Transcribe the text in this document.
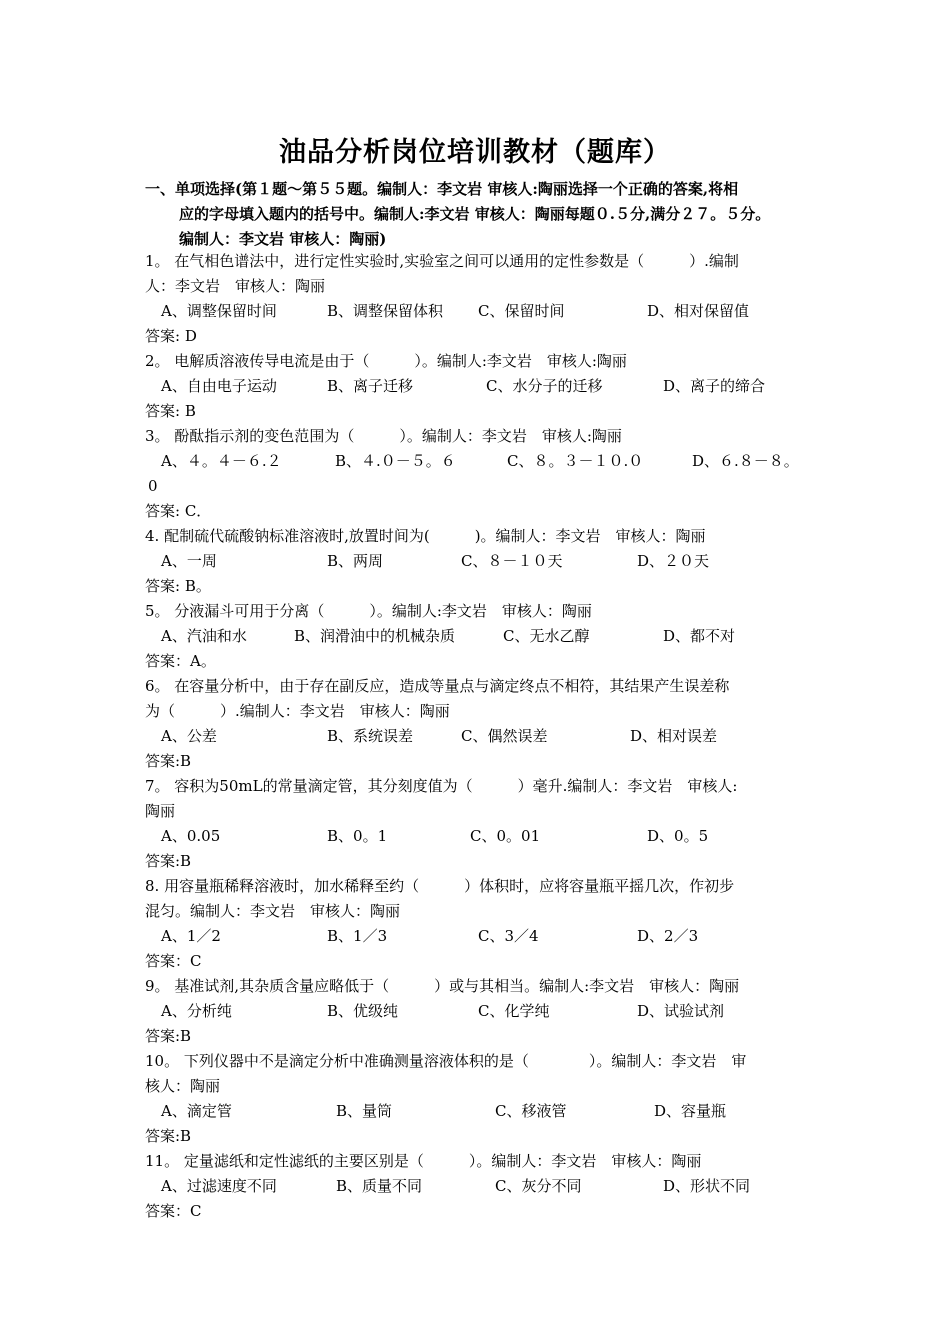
油品分析岗位培训教材（题库）
一、单项选择(第１题～第５５题。编制人：李文岩 审核人:陶丽选择一个正确的答案,将相
应的字母填入题内的括号中。编制人:李文岩 审核人：陶丽每题０.５分,满分２７。５分。
编制人：李文岩 审核人：陶丽)
1。 在气相色谱法中，进行定性实验时,实验室之间可以通用的定性参数是（　　　）.编制
人：李文岩　审核人：陶丽
A、调整保留时间	B、调整保留体积 C、保留时间	D、相对保留值
答案: D
2。 电解质溶液传导电流是由于（　　　）。编制人:李文岩　审核人:陶丽
A、自由电子运动	B、离子迁移	C、水分子的迁移	D、离子的缔合
答案: B
3。 酚酞指示剂的变色范围为（　　　）。编制人：李文岩　审核人:陶丽
A、４。４－６.２	B、４.０－５。６	C、８。３－１０.０	D、６.８－８。
0
答案: C．
4. 配制硫代硫酸钠标准溶液时,放置时间为(　　　)。编制人：李文岩　审核人：陶丽
A、一周	B、两周	C、８－１０天	D、２０天
答案: B。
5。 分液漏斗可用于分离（　　　）。编制人:李文岩　审核人：陶丽
A、汽油和水	B、润滑油中的机械杂质	C、无水乙醇	D、都不对
答案：A。
6。 在容量分析中，由于存在副反应，造成等量点与滴定终点不相符，其结果产生误差称
为（　　　）.编制人：李文岩　审核人：陶丽
A、公差	B、系统误差	C、偶然误差	D、相对误差
答案:B
7。 容积为50mL的常量滴定管，其分刻度值为（　　　）毫升.编制人：李文岩　审核人:
陶丽
A、0.05	B、0。1	C、0。01	D、0。5
答案:B
8. 用容量瓶稀释溶液时，加水稀释至约（　　　）体积时，应将容量瓶平摇几次，作初步
混匀。编制人：李文岩　审核人：陶丽
A、1／2	B、1／3	C、3／4	D、2／3
答案：C
9。 基准试剂,其杂质含量应略低于（　　　）或与其相当。编制人:李文岩　审核人：陶丽
A、分析纯	B、优级纯	C、化学纯	D、试验试剂
答案:B
10。 下列仪器中不是滴定分析中准确测量溶液体积的是（　　　　）。编制人：李文岩　审
核人：陶丽
A、滴定管	B、量筒	C、移液管	D、容量瓶
答案:B
11。 定量滤纸和定性滤纸的主要区别是（　　　）。编制人：李文岩　审核人：陶丽
A、过滤速度不同	B、质量不同	C、灰分不同	D、形状不同
答案：C
